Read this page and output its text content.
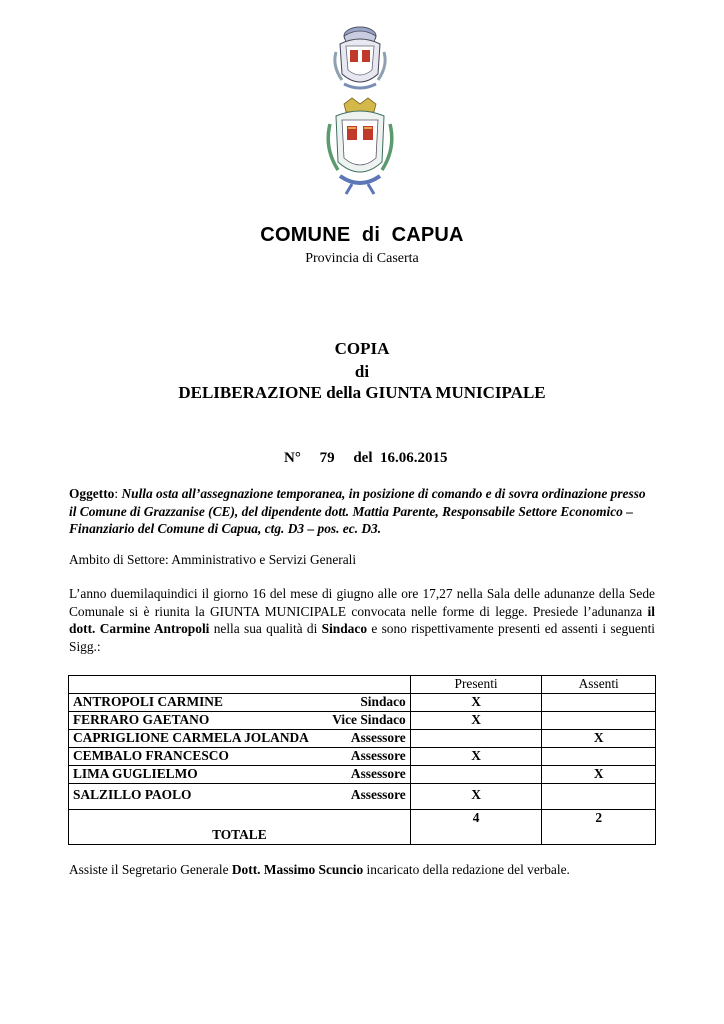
COMUNE  di  CAPUA
Provincia di Caserta
COPIA
di
DELIBERAZIONE della GIUNTA MUNICIPALE

N° 79 del  16.06.2015

Oggetto: Nulla osta all’assegnazione temporanea, in posizione di comando e di sovra ordinazione presso il Comune di Grazzanise (CE), del dipendente dott. Mattia Parente, Responsabile Settore Economico – Finanziario del Comune di Capua, ctg. D3 – pos. ec. D3.
Ambito di Settore: Amministrativo e Servizi Generali
L’anno duemilaquindici il giorno 16 del mese di giugno alle ore 17,27 nella Sala delle adunanze della Sede Comunale si è riunita la GIUNTA MUNICIPALE convocata nelle forme di legge. Presiede l’adunanza il dott. Carmine Antropoli nella sua qualità di Sindaco e sono rispettivamente presenti ed assenti i seguenti Sigg.:
	Presenti	Assenti

ANTROPOLI CARMINE Sindaco	X	

FERRARO GAETANO Vice Sindaco	X	

CAPRIGLIONE CARMELA JOLANDA Assessore		X

CEMBALO FRANCESCO Assessore	X	

LIMA GUGLIELMO Assessore		X

SALZILLO PAOLO Assessore	X	

TOTALE	4	2
Assiste il Segretario Generale Dott. Massimo Scuncio incaricato della redazione del verbale.
